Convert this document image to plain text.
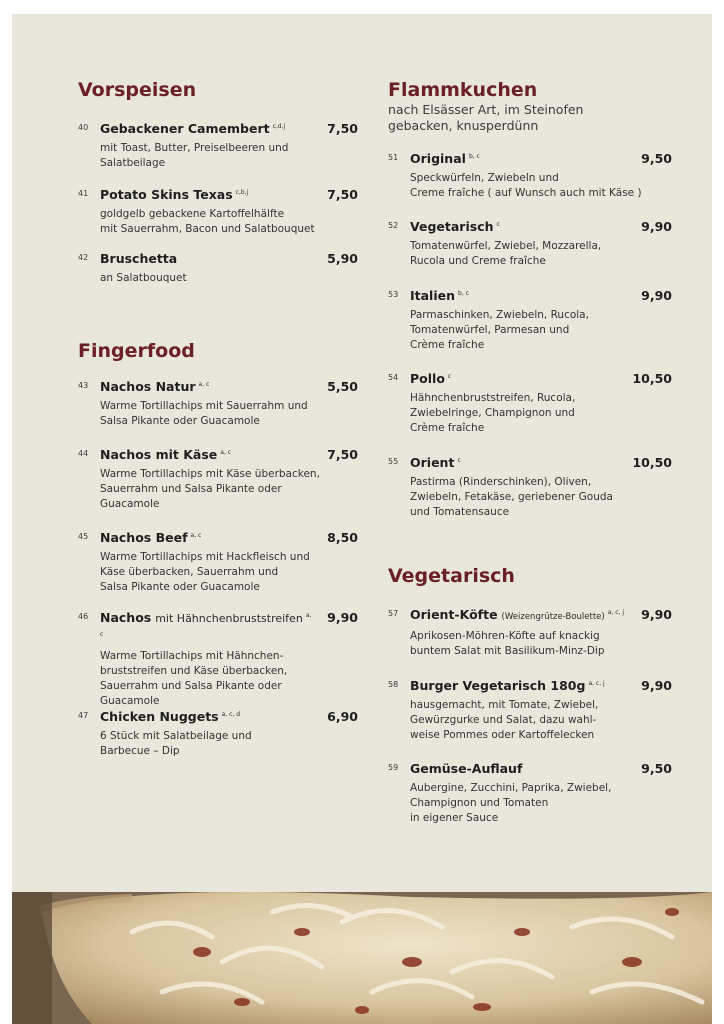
Vorspeisen
40 Gebackener Camembert $^{c,d,j}$	7,50
mit Toast, Butter, Preiselbeeren und
Salatbeilage
41 Potato Skins Texas $^{c,b,j}$	7,50
goldgelb gebackene Kartoffelhälfte
mit Sauerrahm, Bacon und Salatbouquet
42 Bruschetta	5,90
an Salatbouquet
Fingerfood
43 Nachos Natur $^{a, c}$	5,50
Warme Tortillachips mit Sauerrahm und
Salsa Pikante oder Guacamole
44 Nachos mit Käse $^{a, c}$	7,50
Warme Tortillachips mit Käse überbacken,
Sauerrahm und Salsa Pikante oder
Guacamole
45 Nachos Beef $^{a, c}$	8,50
Warme Tortillachips mit Hackfleisch und
Käse überbacken, Sauerrahm und
Salsa Pikante oder Guacamole
46 Nachos mit Hähnchenbruststreifen $^{a, c}$
9,90
Warme Tortillachips mit Hähnchen-
bruststreifen und Käse überbacken,
Sauerrahm und Salsa Pikante oder
Guacamole
47 Chicken Nuggets $^{a, c, d}$	6,90
6 Stück mit Salatbeilage und
Barbecue – Dip
Flammkuchen
nach Elsässer Art, im Steinofen
gebacken, knusperdünn
51 Original $^{b, c}$	9,50
Speckwürfeln, Zwiebeln und
Creme fraîche ( auf Wunsch auch mit Käse )
52 Vegetarisch $^c$	9,90
Tomatenwürfel, Zwiebel, Mozzarella,
Rucola und Creme fraîche
53 Italien $^{b, c}$	9,90
Parmaschinken, Zwiebeln, Rucola,
Tomatenwürfel, Parmesan und
Crème fraîche
54 Pollo $^c$	10,50
Hähnchenbruststreifen, Rucola,
Zwiebelringe, Champignon und
Crème fraîche
55 Orient $^c$	10,50
Pastirma (Rinderschinken), Oliven,
Zwiebeln, Fetakäse, geriebener Gouda
und Tomatensauce
Vegetarisch
57 Orient-Köfte (Weizengrütze-Boulette) $^{a, c, j}$ 9,90
Aprikosen-Möhren-Köfte auf knackig
buntem Salat mit Basilikum-Minz-Dip
58 Burger Vegetarisch 180g $^{a, c, j}$	9,90
hausgemacht, mit Tomate, Zwiebel,
Gewürzgurke und Salat, dazu wahl-
weise Pommes oder Kartoffelecken
59 Gemüse-Auflauf	9,50
Aubergine, Zucchini, Paprika, Zwiebel,
Champignon und Tomaten
in eigener Sauce
